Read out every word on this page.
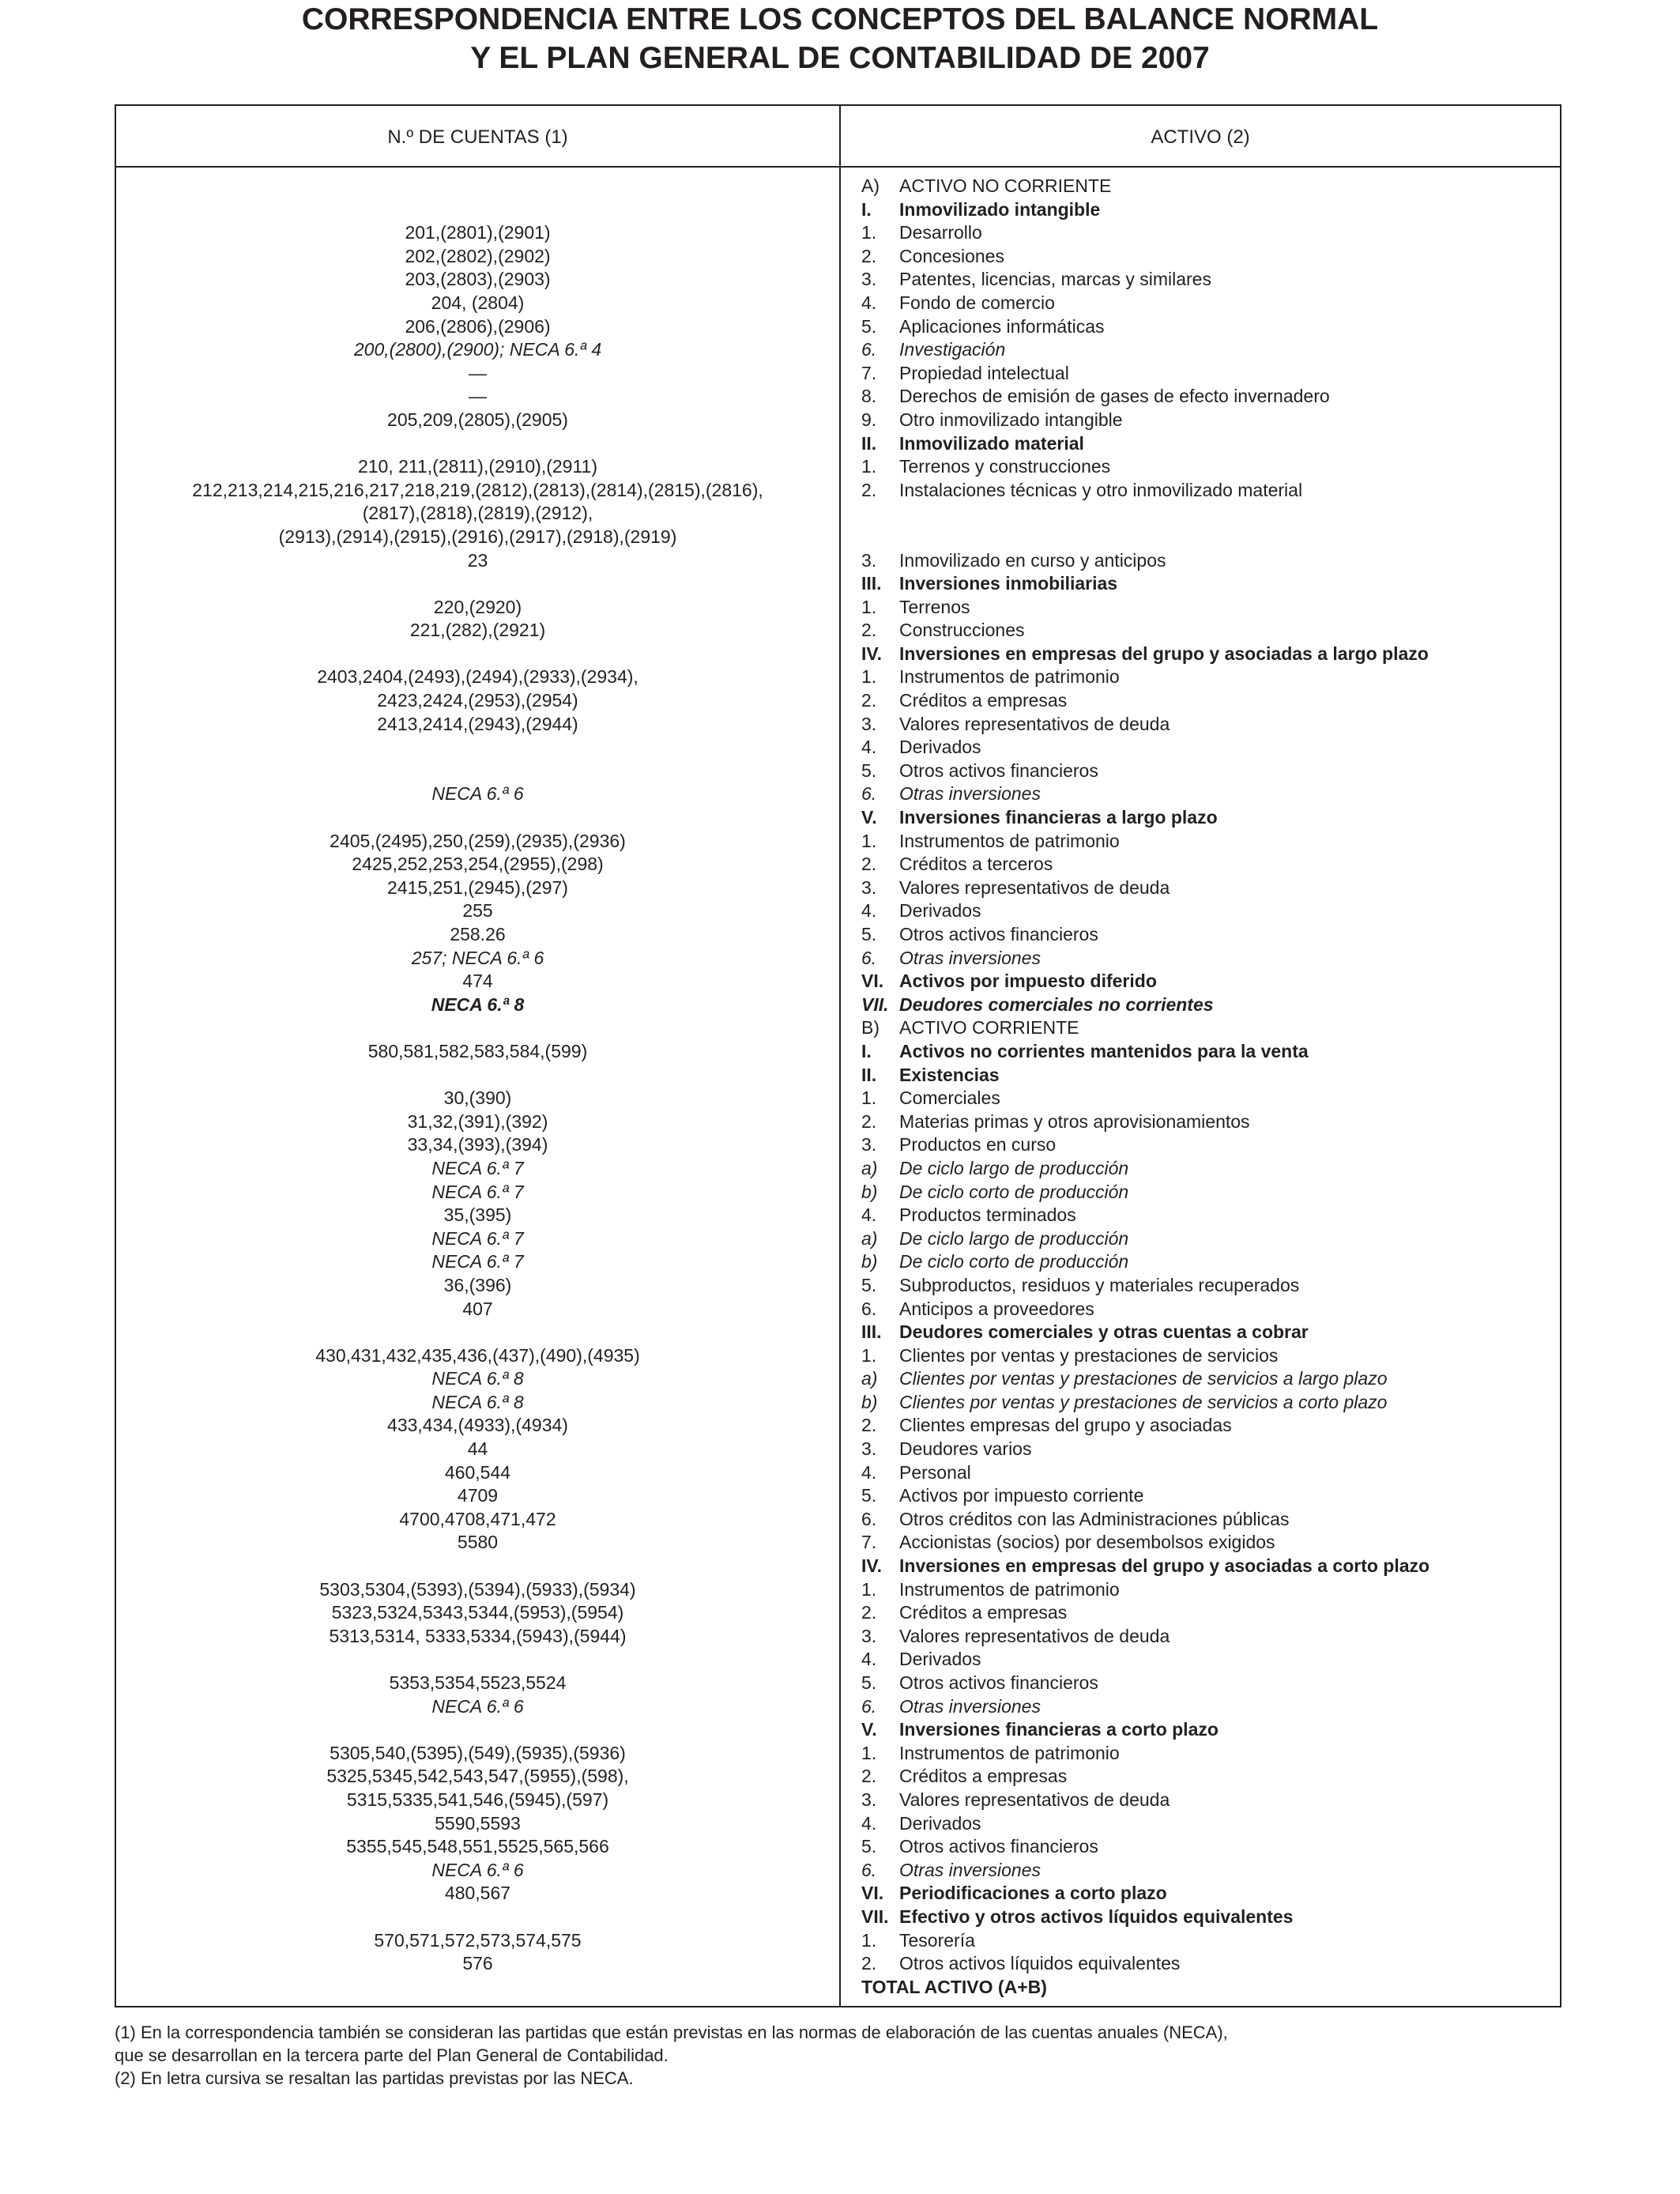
CORRESPONDENCIA ENTRE LOS CONCEPTOS DEL BALANCE NORMAL
Y EL PLAN GENERAL DE CONTABILIDAD DE 2007
N.º DE CUENTAS (1)	ACTIVO (2)
201,(2801),(2901)
202,(2802),(2902)
203,(2803),(2903)
204, (2804)
206,(2806),(2906)
200,(2800),(2900); NECA 6.ª 4
—
—
205,209,(2805),(2905)
210, 211,(2811),(2910),(2911)
212,213,214,215,216,217,218,219,(2812),(2813),(2814),(2815),(2816),
(2817),(2818),(2819),(2912),
(2913),(2914),(2915),(2916),(2917),(2918),(2919)
23
220,(2920)
221,(282),(2921)
2403,2404,(2493),(2494),(2933),(2934),
2423,2424,(2953),(2954)
2413,2414,(2943),(2944)
NECA 6.ª 6
2405,(2495),250,(259),(2935),(2936)
2425,252,253,254,(2955),(298)
2415,251,(2945),(297)
255
258.26
257; NECA 6.ª 6
474
NECA 6.ª 8
580,581,582,583,584,(599)
30,(390)
31,32,(391),(392)
33,34,(393),(394)
NECA 6.ª 7
NECA 6.ª 7
35,(395)
NECA 6.ª 7
NECA 6.ª 7
36,(396)
407
430,431,432,435,436,(437),(490),(4935)
NECA 6.ª 8
NECA 6.ª 8
433,434,(4933),(4934)
44
460,544
4709
4700,4708,471,472
5580
5303,5304,(5393),(5394),(5933),(5934)
5323,5324,5343,5344,(5953),(5954)
5313,5314, 5333,5334,(5943),(5944)
5353,5354,5523,5524
NECA 6.ª 6
5305,540,(5395),(549),(5935),(5936)
5325,5345,542,543,547,(5955),(598),
5315,5335,541,546,(5945),(597)
5590,5593
5355,545,548,551,5525,565,566
NECA 6.ª 6
480,567
570,571,572,573,574,575
576
A) ACTIVO NO CORRIENTE
I. Inmovilizado intangible
1. Desarrollo
2. Concesiones
3. Patentes, licencias, marcas y similares
4. Fondo de comercio
5. Aplicaciones informáticas
6. Investigación
7. Propiedad intelectual
8. Derechos de emisión de gases de efecto invernadero
9. Otro inmovilizado intangible
II. Inmovilizado material
1. Terrenos y construcciones
2. Instalaciones técnicas y otro inmovilizado material
3. Inmovilizado en curso y anticipos
III. Inversiones inmobiliarias
1. Terrenos
2. Construcciones
IV. Inversiones en empresas del grupo y asociadas a largo plazo
1. Instrumentos de patrimonio
2. Créditos a empresas
3. Valores representativos de deuda
4. Derivados
5. Otros activos financieros
6. Otras inversiones
V. Inversiones financieras a largo plazo
1. Instrumentos de patrimonio
2. Créditos a terceros
3. Valores representativos de deuda
4. Derivados
5. Otros activos financieros
6. Otras inversiones
VI. Activos por impuesto diferido
VII. Deudores comerciales no corrientes
B) ACTIVO CORRIENTE
I. Activos no corrientes mantenidos para la venta
II. Existencias
1. Comerciales
2. Materias primas y otros aprovisionamientos
3. Productos en curso
a) De ciclo largo de producción
b) De ciclo corto de producción
4. Productos terminados
a) De ciclo largo de producción
b) De ciclo corto de producción
5. Subproductos, residuos y materiales recuperados
6. Anticipos a proveedores
III. Deudores comerciales y otras cuentas a cobrar
1. Clientes por ventas y prestaciones de servicios
a) Clientes por ventas y prestaciones de servicios a largo plazo
b) Clientes por ventas y prestaciones de servicios a corto plazo
2. Clientes empresas del grupo y asociadas
3. Deudores varios
4. Personal
5. Activos por impuesto corriente
6. Otros créditos con las Administraciones públicas
7. Accionistas (socios) por desembolsos exigidos
IV. Inversiones en empresas del grupo y asociadas a corto plazo
1. Instrumentos de patrimonio
2. Créditos a empresas
3. Valores representativos de deuda
4. Derivados
5. Otros activos financieros
6. Otras inversiones
V. Inversiones financieras a corto plazo
1. Instrumentos de patrimonio
2. Créditos a empresas
3. Valores representativos de deuda
4. Derivados
5. Otros activos financieros
6. Otras inversiones
VI. Periodificaciones a corto plazo
VII. Efectivo y otros activos líquidos equivalentes
1. Tesorería
2. Otros activos líquidos equivalentes
TOTAL ACTIVO (A+B)
(1) En la correspondencia también se consideran las partidas que están previstas en las normas de elaboración de las cuentas anuales (NECA),
que se desarrollan en la tercera parte del Plan General de Contabilidad.
(2) En letra cursiva se resaltan las partidas previstas por las NECA.
